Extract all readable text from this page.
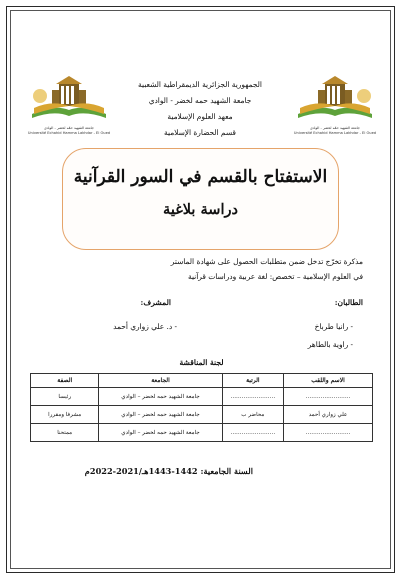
جامعة الشهيد حمّه لخضر - الوادي
Université Echahid Hamma Lakhdar - El Oued
جامعة الشهيد حمّه لخضر - الوادي
Université Echahid Hamma Lakhdar - El Oued
الجمهورية الجزائرية الديمقراطية الشعبية
جامعة الشهيد حمه لخضر - الوادي
معهد العلوم الإسلامية
قسم الحضارة الإسلامية
الاستفتاح بالقسم في السور القرآنية
دراسة بلاغية
مذكرة تخرّج تدخل ضمن متطلبات الحصول على شهادة الماستر
في العلوم الإسلامية – تخصص: لغة عربية ودراسات قرآنية
الطالبان:
- رانيا طرباخ
- راوية بالطاهر
المشرف:
- د. علي زواري أحمد
لجنة المناقشة
الاسم واللقب	الرتبة	الجامعة	الصفة
……………………	……………………	جامعة الشهيد حمه لخضر – الوادي	رئيسا
علي زواري أحمد	محاضر ب	جامعة الشهيد حمه لخضر – الوادي	مشرفا ومقررا
……………………	……………………	جامعة الشهيد حمه لخضر – الوادي	ممتحنا
السنة الجامعية: 1442-1443هـ/2021-2022م
